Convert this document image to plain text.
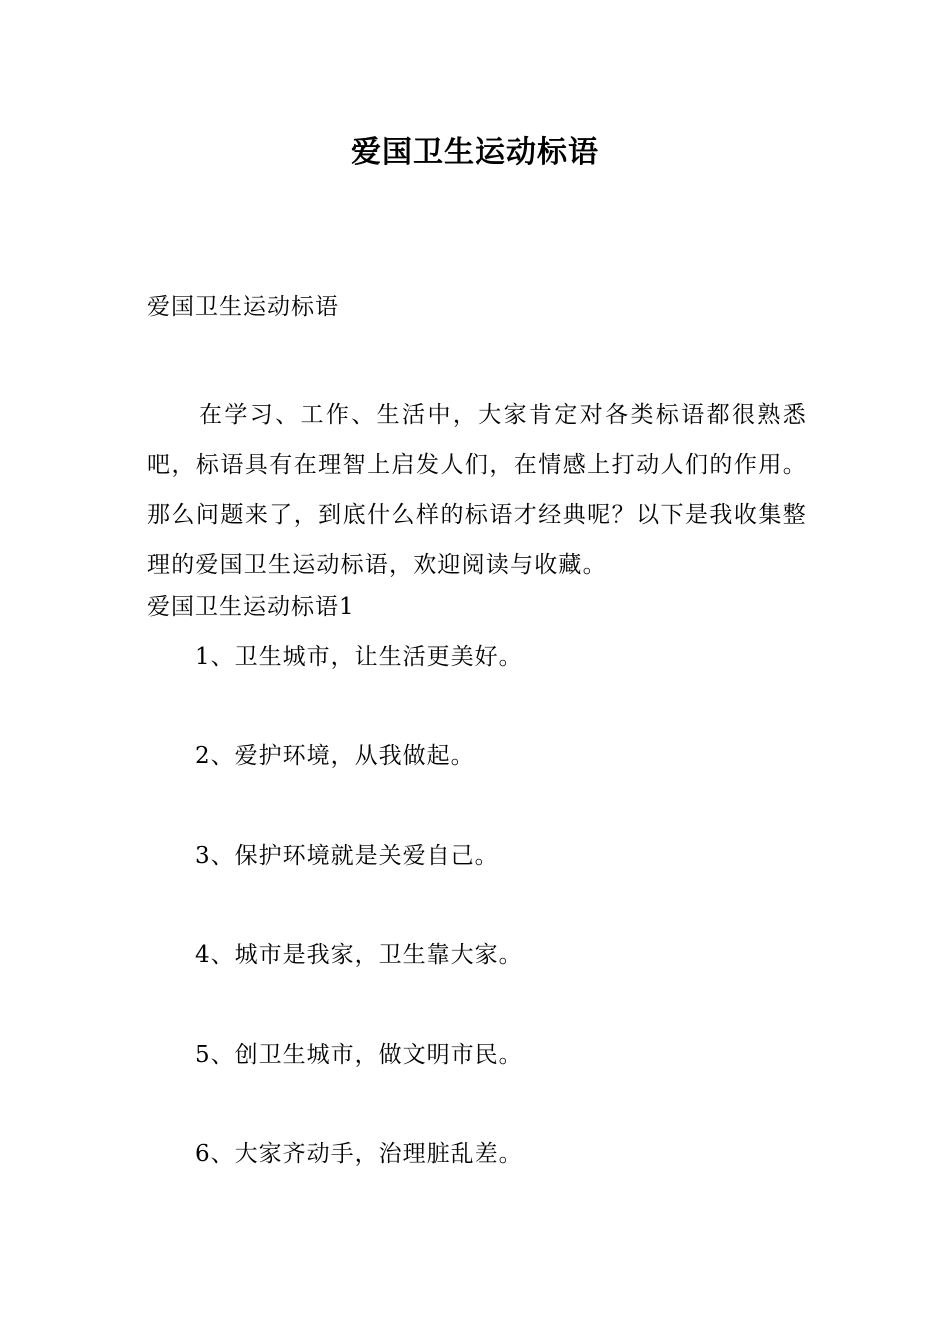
爱国卫生运动标语
爱国卫生运动标语
在学习、工作、生活中，大家肯定对各类标语都很熟悉吧，标语具有在理智上启发人们，在情感上打动人们的作用。那么问题来了，到底什么样的标语才经典呢？以下是我收集整理的爱国卫生运动标语，欢迎阅读与收藏。
爱国卫生运动标语1
1、卫生城市，让生活更美好。
2、爱护环境，从我做起。
3、保护环境就是关爱自己。
4、城市是我家，卫生靠大家。
5、创卫生城市，做文明市民。
6、大家齐动手，治理脏乱差。
